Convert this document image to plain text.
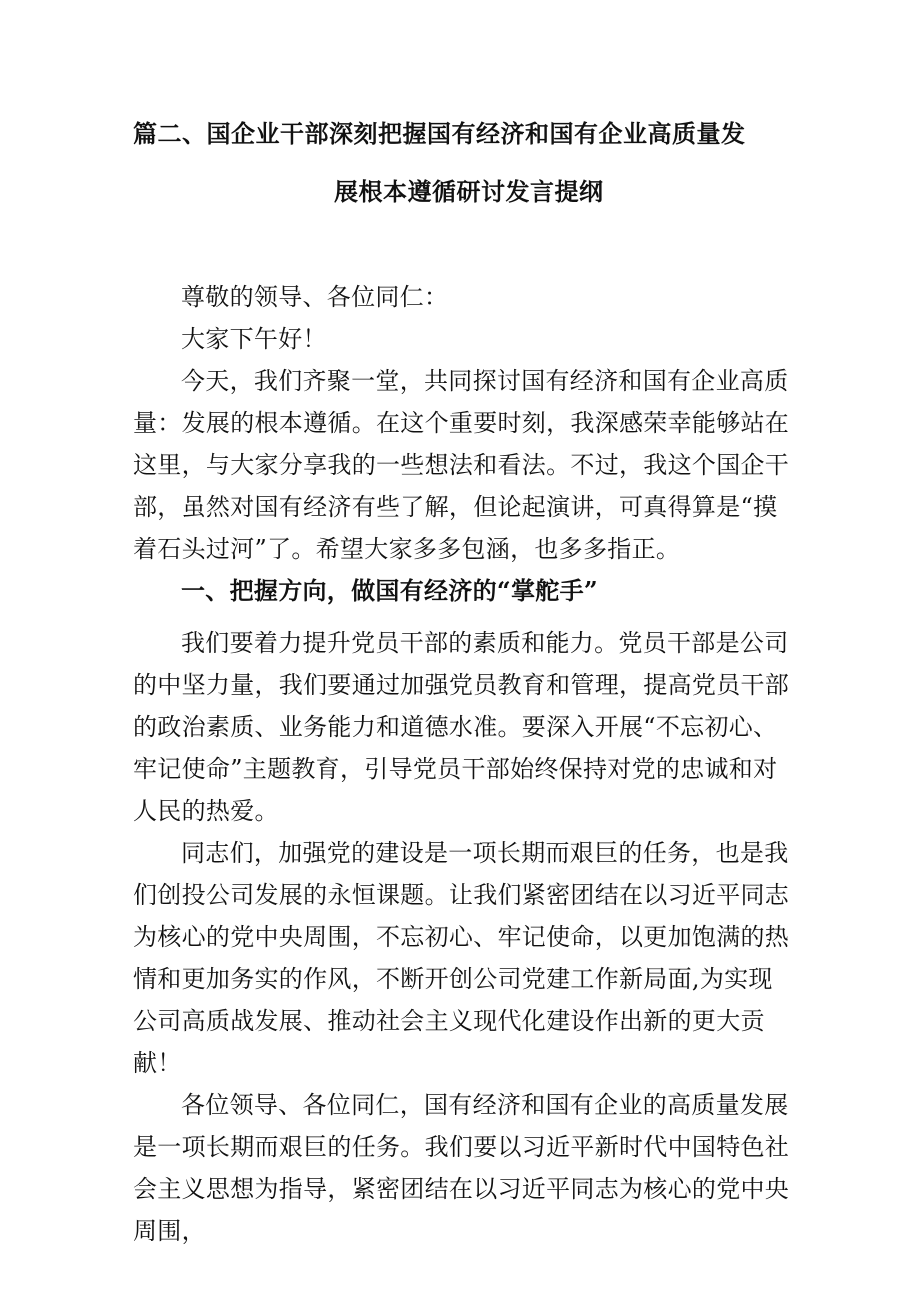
篇二、国企业干部深刻把握国有经济和国有企业高质量发
展根本遵循研讨发言提纲

尊敬的领导、各位同仁：

大家下午好！

今天，我们齐聚一堂，共同探讨国有经济和国有企业高质量：发展的根本遵循。在这个重要时刻，我深感荣幸能够站在这里，与大家分享我的一些想法和看法。不过，我这个国企干部，虽然对国有经济有些了解，但论起演讲，可真得算是“摸着石头过河”了。希望大家多多包涵，也多多指正。

一、把握方向，做国有经济的“掌舵手”

我们要着力提升党员干部的素质和能力。党员干部是公司的中坚力量，我们要通过加强党员教育和管理，提高党员干部的政治素质、业务能力和道德水准。要深入开展“不忘初心、牢记使命”主题教育，引导党员干部始终保持对党的忠诚和对人民的热爱。

同志们，加强党的建设是一项长期而艰巨的任务，也是我们创投公司发展的永恒课题。让我们紧密团结在以习近平同志为核心的党中央周围，不忘初心、牢记使命，以更加饱满的热情和更加务实的作风，不断开创公司党建工作新局面,为实现公司高质战发展、推动社会主义现代化建设作出新的更大贡献！

各位领导、各位同仁，国有经济和国有企业的高质量发展是一项长期而艰巨的任务。我们要以习近平新时代中国特色社会主义思想为指导，紧密团结在以习近平同志为核心的党中央周围，
